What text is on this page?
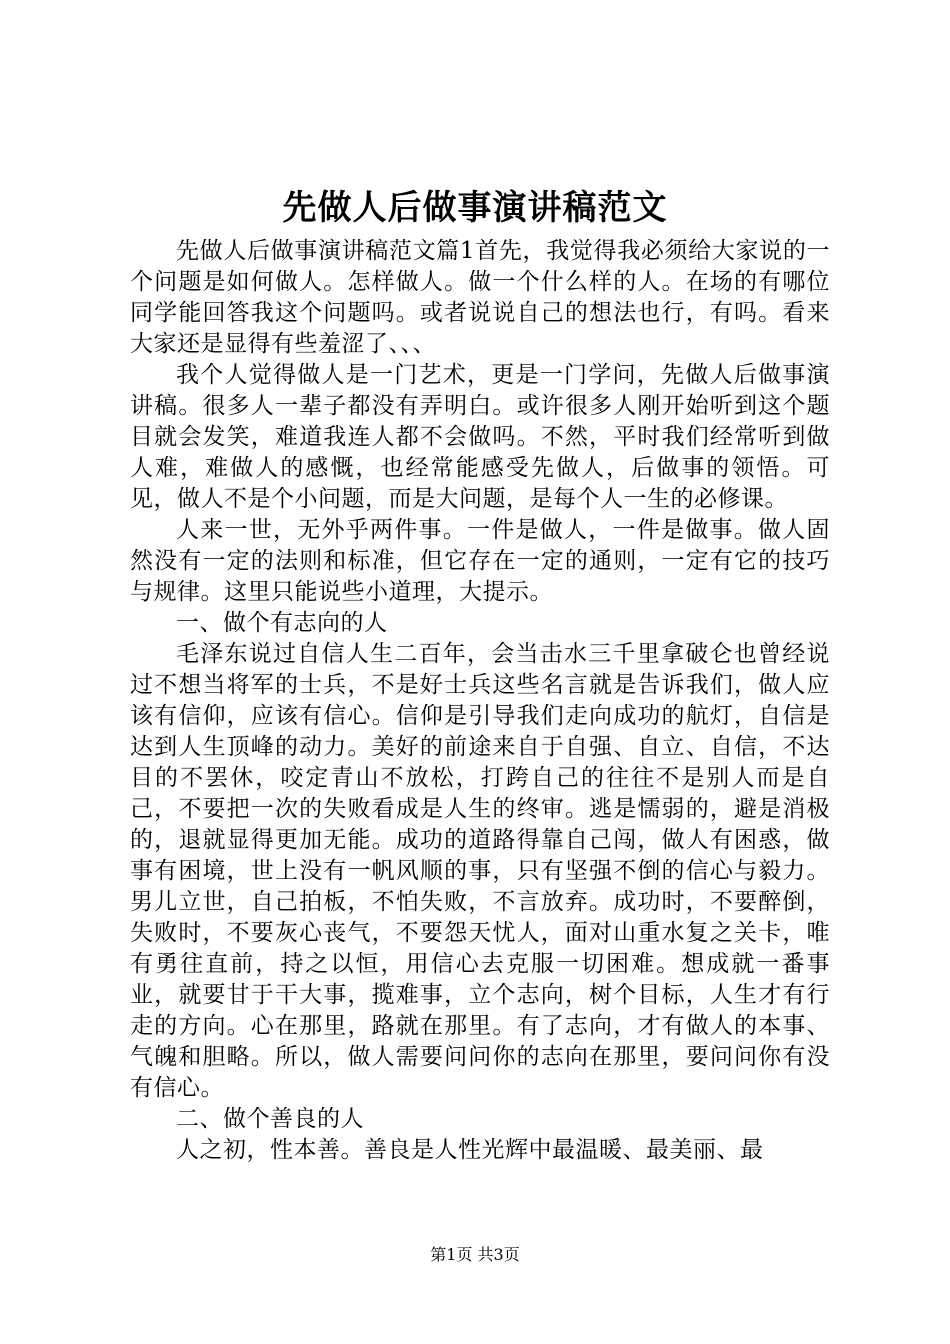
先做人后做事演讲稿范文

先做人后做事演讲稿范文篇1首先，我觉得我必须给大家说的一个问题是如何做人。怎样做人。做一个什么样的人。在场的有哪位同学能回答我这个问题吗。或者说说自己的想法也行，有吗。看来大家还是显得有些羞涩了、、、

我个人觉得做人是一门艺术，更是一门学问，先做人后做事演讲稿。很多人一辈子都没有弄明白。或许很多人刚开始听到这个题目就会发笑，难道我连人都不会做吗。不然，平时我们经常听到做人难，难做人的感慨，也经常能感受先做人，后做事的领悟。可见，做人不是个小问题，而是大问题，是每个人一生的必修课。

人来一世，无外乎两件事。一件是做人，一件是做事。做人固然没有一定的法则和标准，但它存在一定的通则，一定有它的技巧与规律。这里只能说些小道理，大提示。

一、做个有志向的人

毛泽东说过自信人生二百年，会当击水三千里拿破仑也曾经说过不想当将军的士兵，不是好士兵这些名言就是告诉我们，做人应该有信仰，应该有信心。信仰是引导我们走向成功的航灯，自信是达到人生顶峰的动力。美好的前途来自于自强、自立、自信，不达目的不罢休，咬定青山不放松，打跨自己的往往不是别人而是自己，不要把一次的失败看成是人生的终审。逃是懦弱的，避是消极的，退就显得更加无能。成功的道路得靠自己闯，做人有困惑，做事有困境，世上没有一帆风顺的事，只有坚强不倒的信心与毅力。男儿立世，自己拍板，不怕失败，不言放弃。成功时，不要醉倒，失败时，不要灰心丧气，不要怨天忧人，面对山重水复之关卡，唯有勇往直前，持之以恒，用信心去克服一切困难。想成就一番事业，就要甘于干大事，揽难事，立个志向，树个目标，人生才有行走的方向。心在那里，路就在那里。有了志向，才有做人的本事、气魄和胆略。所以，做人需要问问你的志向在那里，要问问你有没有信心。

二、做个善良的人

人之初，性本善。善良是人性光辉中最温暖、最美丽、最

第1页 共3页
